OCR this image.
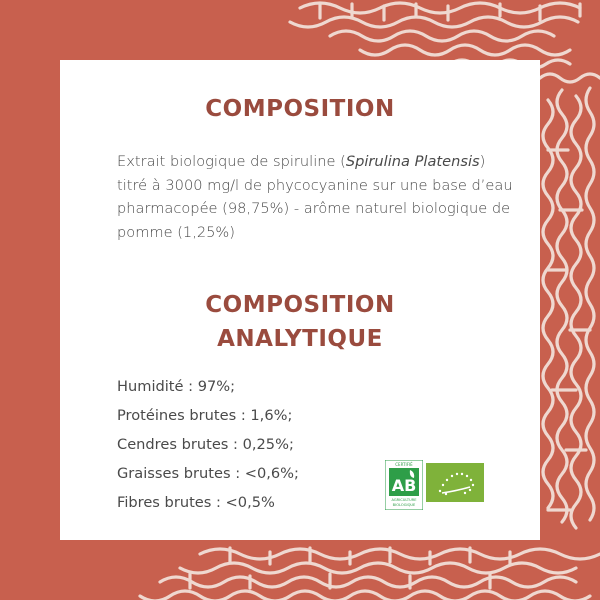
COMPOSITION
Extrait biologique de spiruline (Spirulina Platensis) titré à 3000 mg/l de phycocyanine sur une base d’eau pharmacopée (98,75%) - arôme naturel biologique de pomme (1,25%)
COMPOSITION
ANALYTIQUE
Humidité : 97%;
Protéines brutes : 1,6%;
Cendres brutes : 0,25%;
Graisses brutes : <0,6%;
Fibres brutes : <0,5%
CERTIFIÉ
AB
AGRICULTURE
BIOLOGIQUE
